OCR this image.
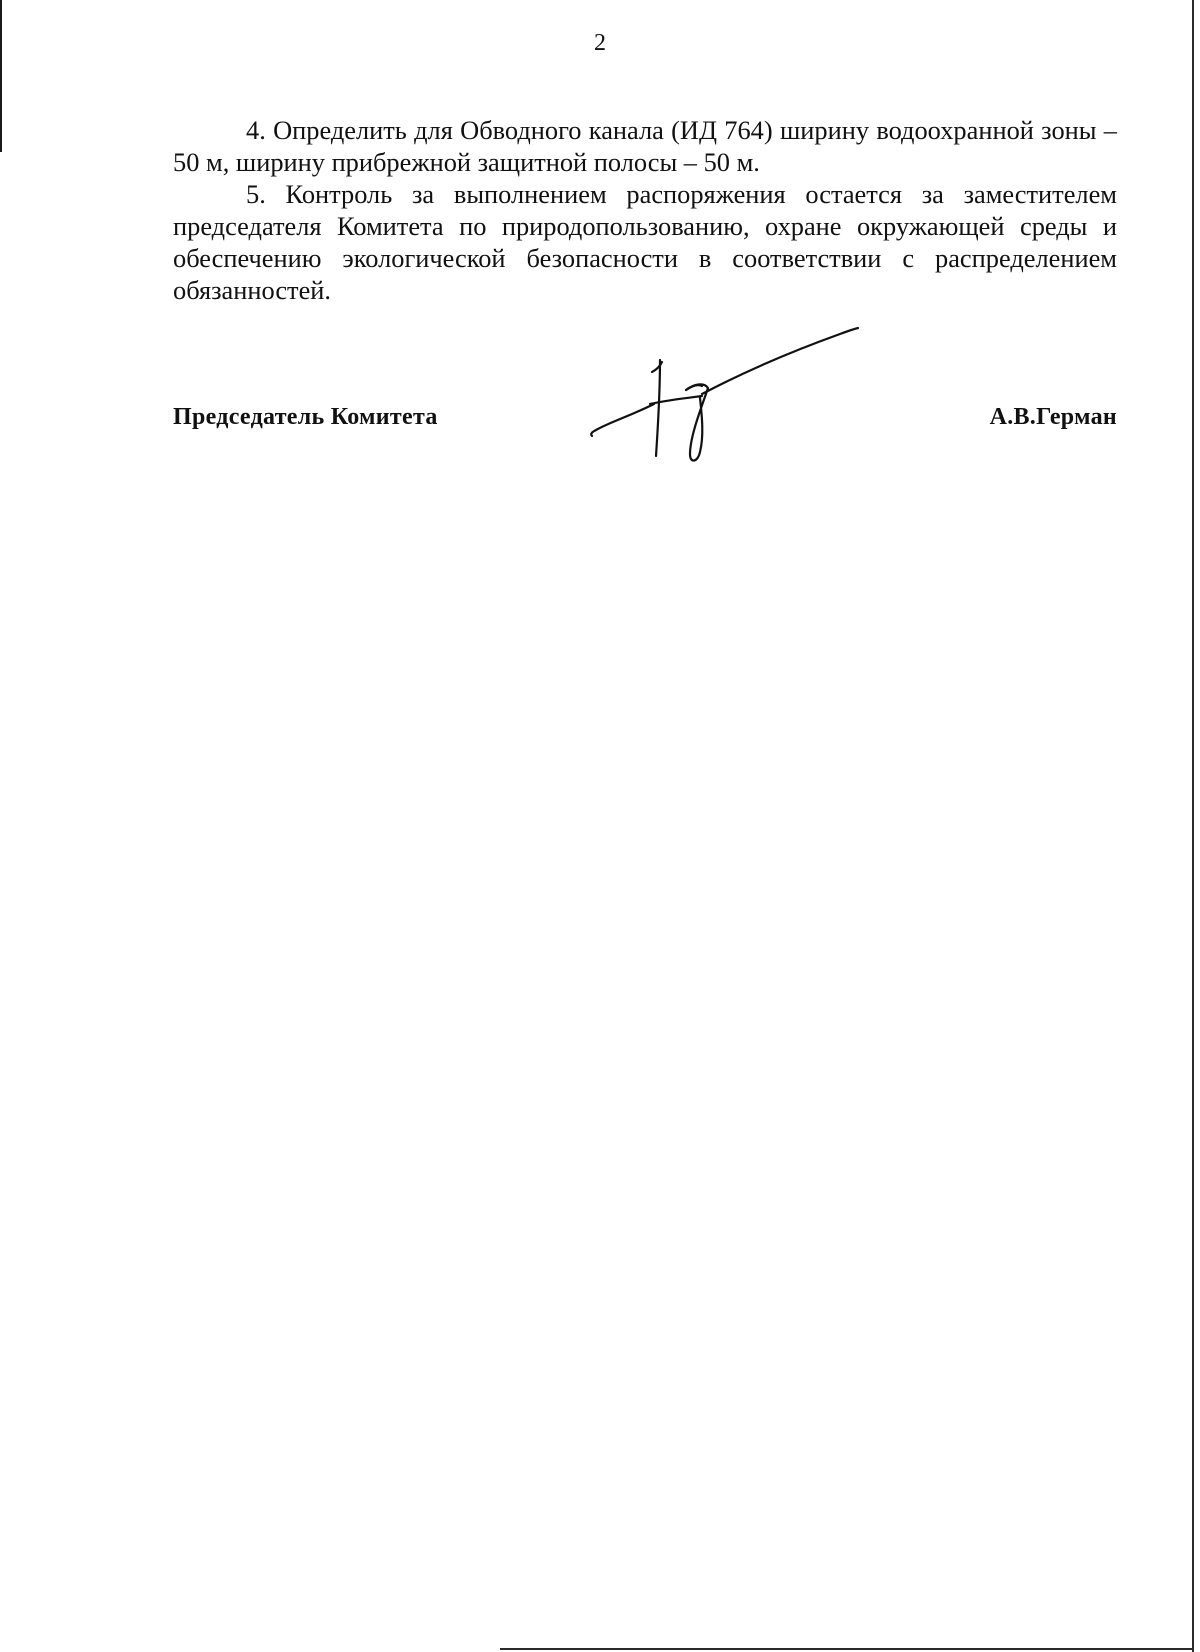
2

4. Определить для Обводного канала (ИД 764) ширину водоохранной зоны – 50 м, ширину прибрежной защитной полосы – 50 м.

5. Контроль за выполнением распоряжения остается за заместителем председателя Комитета по природопользованию, охране окружающей среды и обеспечению экологической безопасности в соответствии с распределением обязанностей.

Председатель Комитета	А.В.Герман
